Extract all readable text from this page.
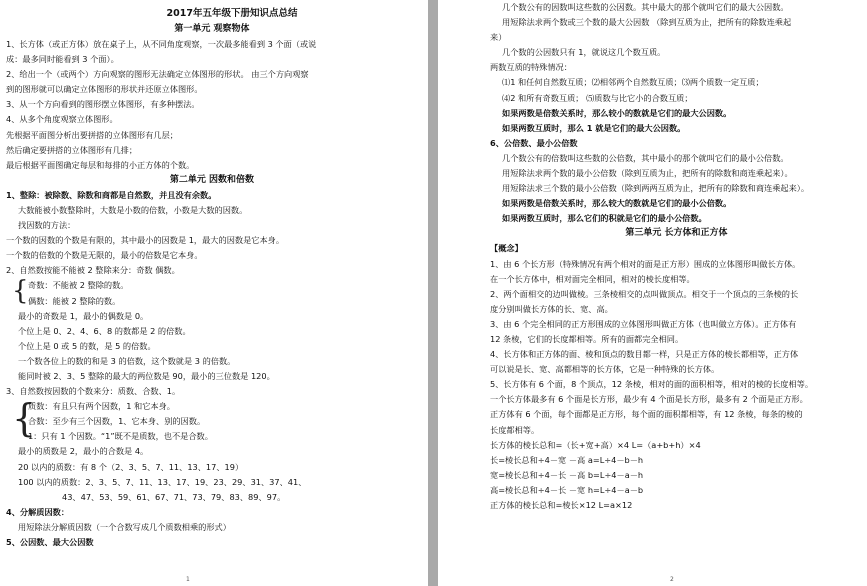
2017年五年级下册知识点总结
第一单元 观察物体
1、长方体（或正方体）放在桌子上，从不同角度观察，一次最多能看到 3 个面（或说
成：最多同时能看到 3 个面）。
2、给出一个（或两个）方向观察的图形无法确定立体图形的形状。 由三个方向观察
到的图形就可以确定立体图形的形状并还原立体图形。
3、从一个方向看到的图形摆立体图形，有多种摆法。
4、从多个角度观察立体图形。
先根据平面图分析出要拼搭的立体图形有几层；
然后确定要拼搭的立体图形有几排；
最后根据平面图确定每层和每排的小正方体的个数。
第二单元 因数和倍数
1、整除：被除数、除数和商都是自然数，并且没有余数。
大数能被小数整除时，大数是小数的倍数，小数是大数的因数。
找因数的方法：
一个数的因数的个数是有限的，其中最小的因数是 1，最大的因数是它本身。
一个数的倍数的个数是无限的，最小的倍数是它本身。
2、自然数按能不能被 2 整除来分：奇数 偶数。
{ 奇数：不能被 2 整除的数。
偶数：能被 2 整除的数。
最小的奇数是 1，最小的偶数是 0。
个位上是 0、2、4、6、8 的数都是 2 的倍数。
个位上是 0 或 5 的数，是 5 的倍数。
一个数各位上的数的和是 3 的倍数，这个数就是 3 的倍数。
能同时被 2、3、5 整除的最大的两位数是 90，最小的三位数是 120。
3、自然数按因数的个数来分：质数、合数、1。
{
质数：有且只有两个因数，1 和它本身。
合数：至少有三个因数，1、它本身、别的因数。
1：只有 1 个因数。“1”既不是质数，也不是合数。
最小的质数是 2，最小的合数是 4。
20 以内的质数：有 8 个（2、3、5、7、11、13、17、19）
100 以内的质数：2、3、5、7、11、13、17、19、23、29、31、37、41、
43、47、53、59、61、67、71、73、79、83、89、97。
4、分解质因数：
用短除法分解质因数（一个合数写成几个质数相乘的形式）
5、公因数、最大公因数
1
几个数公有的因数叫这些数的公因数。其中最大的那个就叫它们的最大公因数。
用短除法求两个数或三个数的最大公因数 （除到互质为止，把所有的除数连乘起
来）
几个数的公因数只有 1，就说这几个数互质。
两数互质的特殊情况：
⑴1 和任何自然数互质；⑵相邻两个自然数互质；⑶两个质数一定互质；
⑷2 和所有奇数互质； ⑸质数与比它小的合数互质；
如果两数是倍数关系时，那么较小的数就是它们的最大公因数。
如果两数互质时，那么 1 就是它们的最大公因数。
6、公倍数、最小公倍数
几个数公有的倍数叫这些数的公倍数，其中最小的那个就叫它们的最小公倍数。
用短除法求两个数的最小公倍数（除到互质为止，把所有的除数和商连乘起来）。
用短除法求三个数的最小公倍数（除到两两互质为止，把所有的除数和商连乘起来）。
如果两数是倍数关系时，那么较大的数就是它们的最小公倍数。
如果两数互质时，那么它们的积就是它们的最小公倍数。
第三单元 长方体和正方体
【概念】
1、由 6 个长方形（特殊情况有两个相对的面是正方形）围成的立体图形叫做长方体。
在一个长方体中，相对面完全相同，相对的棱长度相等。
2、两个面相交的边叫做棱。三条棱相交的点叫做顶点。相交于一个顶点的三条棱的长
度分别叫做长方体的长、宽、高。
3、由 6 个完全相同的正方形围成的立体图形叫做正方体（也叫做立方体）。正方体有
12 条棱，它们的长度都相等。所有的面都完全相同。
4、长方体和正方体的面、棱和顶点的数目都一样，只是正方体的棱长都相等，正方体
可以说是长、宽、高都相等的长方体，它是一种特殊的长方体。
5、长方体有 6 个面，8 个顶点，12 条棱，相对的面的面积相等，相对的棱的长度相等。
一个长方体最多有 6 个面是长方形，最少有 4 个面是长方形，最多有 2 个面是正方形。
正方体有 6 个面，每个面都是正方形，每个面的面积都相等，有 12 条棱，每条的棱的
长度都相等。
长方体的棱长总和=（长+宽+高）×4 L=（a+b+h）×4
长=棱长总和÷4－宽 －高 a=L÷4－b－h
宽=棱长总和÷4－长 －高 b=L÷4－a－h
高=棱长总和÷4－长 －宽 h=L÷4－a－b
正方体的棱长总和=棱长×12 L=a×12
2
